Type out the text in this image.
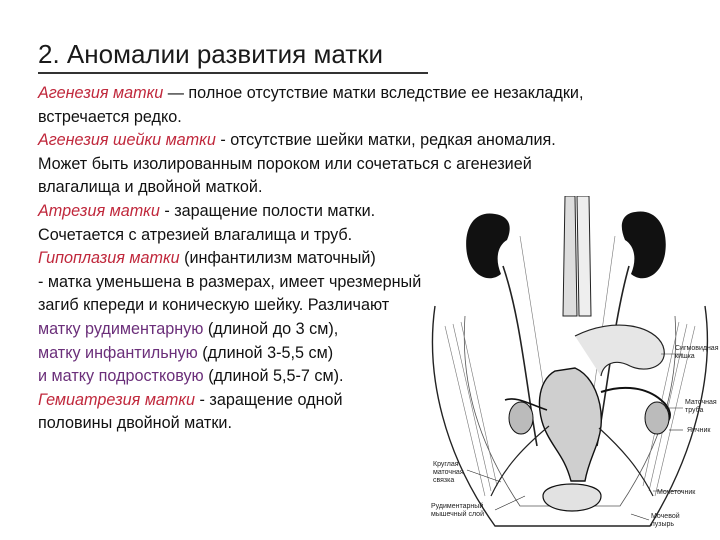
2. Аномалии развития матки
Агенезия матки — полное отсутствие матки вследствие ее незакладки,
встречается редко.
Агенезия шейки матки - отсутствие шейки матки, редкая аномалия.
Может быть изолированным пороком или сочетаться с агенезией
влагалища и двойной маткой.
Атрезия матки - заращение полости матки.
Сочетается с атрезией влагалища и труб.
Гипоплазия матки (инфантилизм маточный)
- матка уменьшена в размерах, имеет чрезмерный
загиб кпереди и коническую шейку. Различают
матку рудиментарную (длиной до 3 см),
матку инфантильную (длиной 3-5,5 см)
и матку подростковую (длиной 5,5-7 см).
Гемиатрезия матки - заращение одной
половины двойной матки.
Сигмовидная кишка
Маточная труба
Яичник
Круглая маточная связка
Мочеточник
Рудиментарный мышечный слой	Мочевой пузырь
